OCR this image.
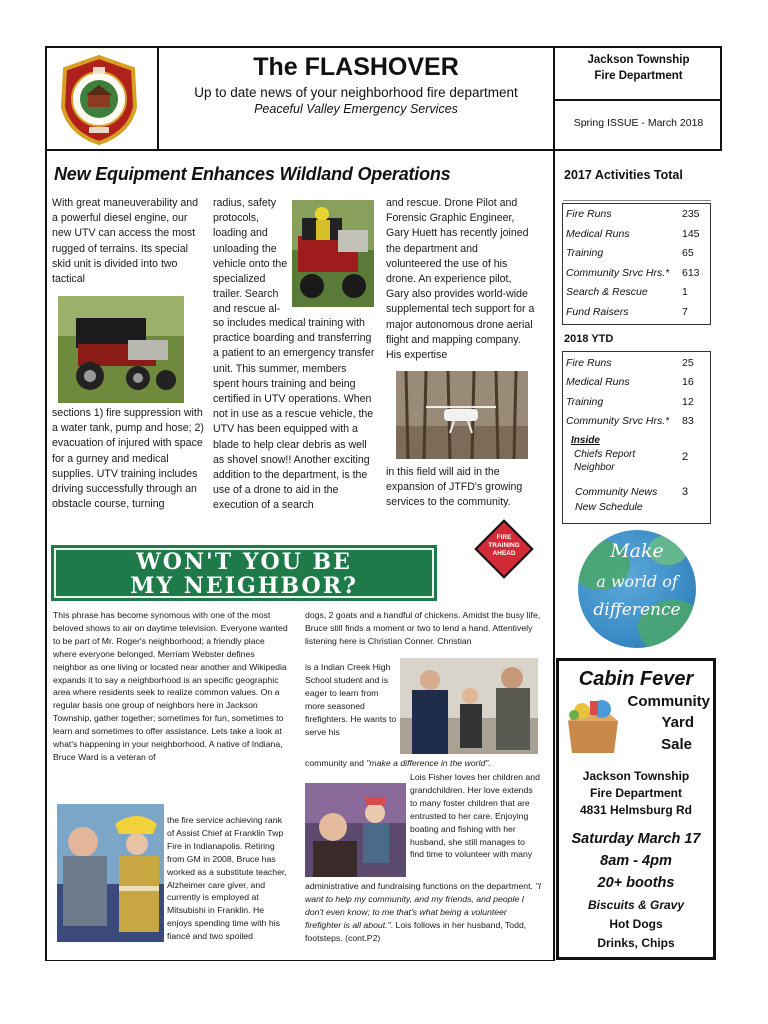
The FLASHOVER
Up to date news of your neighborhood fire department
Peaceful Valley Emergency Services
Jackson Township
Fire Department
Spring ISSUE - March 2018
New Equipment Enhances Wildland Operations
With great maneuverability and a powerful diesel engine, our new UTV can access the most rugged of terrains. Its special skid unit is divided into two tactical
sections 1) fire suppression with a water tank, pump and hose; 2) evacuation of injured with space for a gurney and medical supplies. UTV training includes driving successfully through an obstacle course, turning
radius, safety protocols, loading and unloading the vehicle onto the specialized trailer. Search and rescue al-
so includes medical training with practice boarding and transferring a patient to an emergency transfer unit. This summer, members spent hours training and being certified in UTV operations. When not in use as a rescue vehicle, the UTV has been equipped with a blade to help clear debris as well as shovel snow!! Another exciting addition to the department, is the use of a drone to aid in the execution of a search
and rescue. Drone Pilot and Forensic Graphic Engineer, Gary Huett has recently joined the department and volunteered the use of his drone. An experience pilot, Gary also provides world-wide supplemental tech support for a major autonomous drone aerial flight and mapping company. His expertise
in this field will aid in the expansion of JTFD's growing services to the community.
FIRE TRAINING AHEAD
2017 Activities Total
Fire Runs	235
Medical Runs	145
Training	65
Community Srvc Hrs.* 613
Search & Rescue	1
Fund Raisers	7
2018 YTD
Fire Runs	25
Medical Runs	16
Training	12
Community Srvc Hrs.* 83
Inside
Chiefs Report
Neighbor
2
Community News
New Schedule
3
Make
a world of
difference
WON'T YOU BE
MY NEIGHBOR?
This phrase has become synomous with one of the most beloved shows to air on daytime television. Everyone wanted to be part of Mr. Roger's neighborhood; a friendly place where everyone belonged. Merriam Webster defines neighbor as one living or located near another and Wikipedia expands it to say a neighborhood is an specific geographic area where residents seek to realize common values. On a regular basis one group of neighbors here in Jackson Township, gather together; sometimes for fun, sometimes to learn and sometimes to offer assistance. Lets take a look at what's happening in your neighborhood. A native of Indiana, Bruce Ward is a veteran of
the fire service achieving rank of Assist Chief at Franklin Twp Fire in Indianapolis. Retiring from GM in 2008, Bruce has worked as a substitute teacher, Alzheimer care giver, and currently is employed at Mitsubishi in Franklin. He enjoys spending time with his fiancé and two spoiled
dogs, 2 goats and a handful of chickens. Amidst the busy life, Bruce still finds a moment or two to lend a hand. Attentively listening here is Christian Conner. Christian
is a Indian Creek High School student and is eager to learn from more seasoned firefighters. He wants to serve his
community and "make a difference in the world".
Lois Fisher loves her children and grandchildren. Her love extends to many foster children that are entrusted to her care. Enjoying boating and fishing with her husband, she still manages to find time to volunteer with many
administrative and fundraising functions on the department. "I want to help my community, and my friends, and people I don't even know; to me that's what being a volunteer firefighter is all about.". Lois follows in her husband, Todd, footsteps. (cont.P2)
Cabin Fever
Community
Yard
Sale
Jackson Township
Fire Department
4831 Helmsburg Rd
Saturday March 17
8am - 4pm
20+ booths
Biscuits & Gravy
Hot Dogs
Drinks, Chips
